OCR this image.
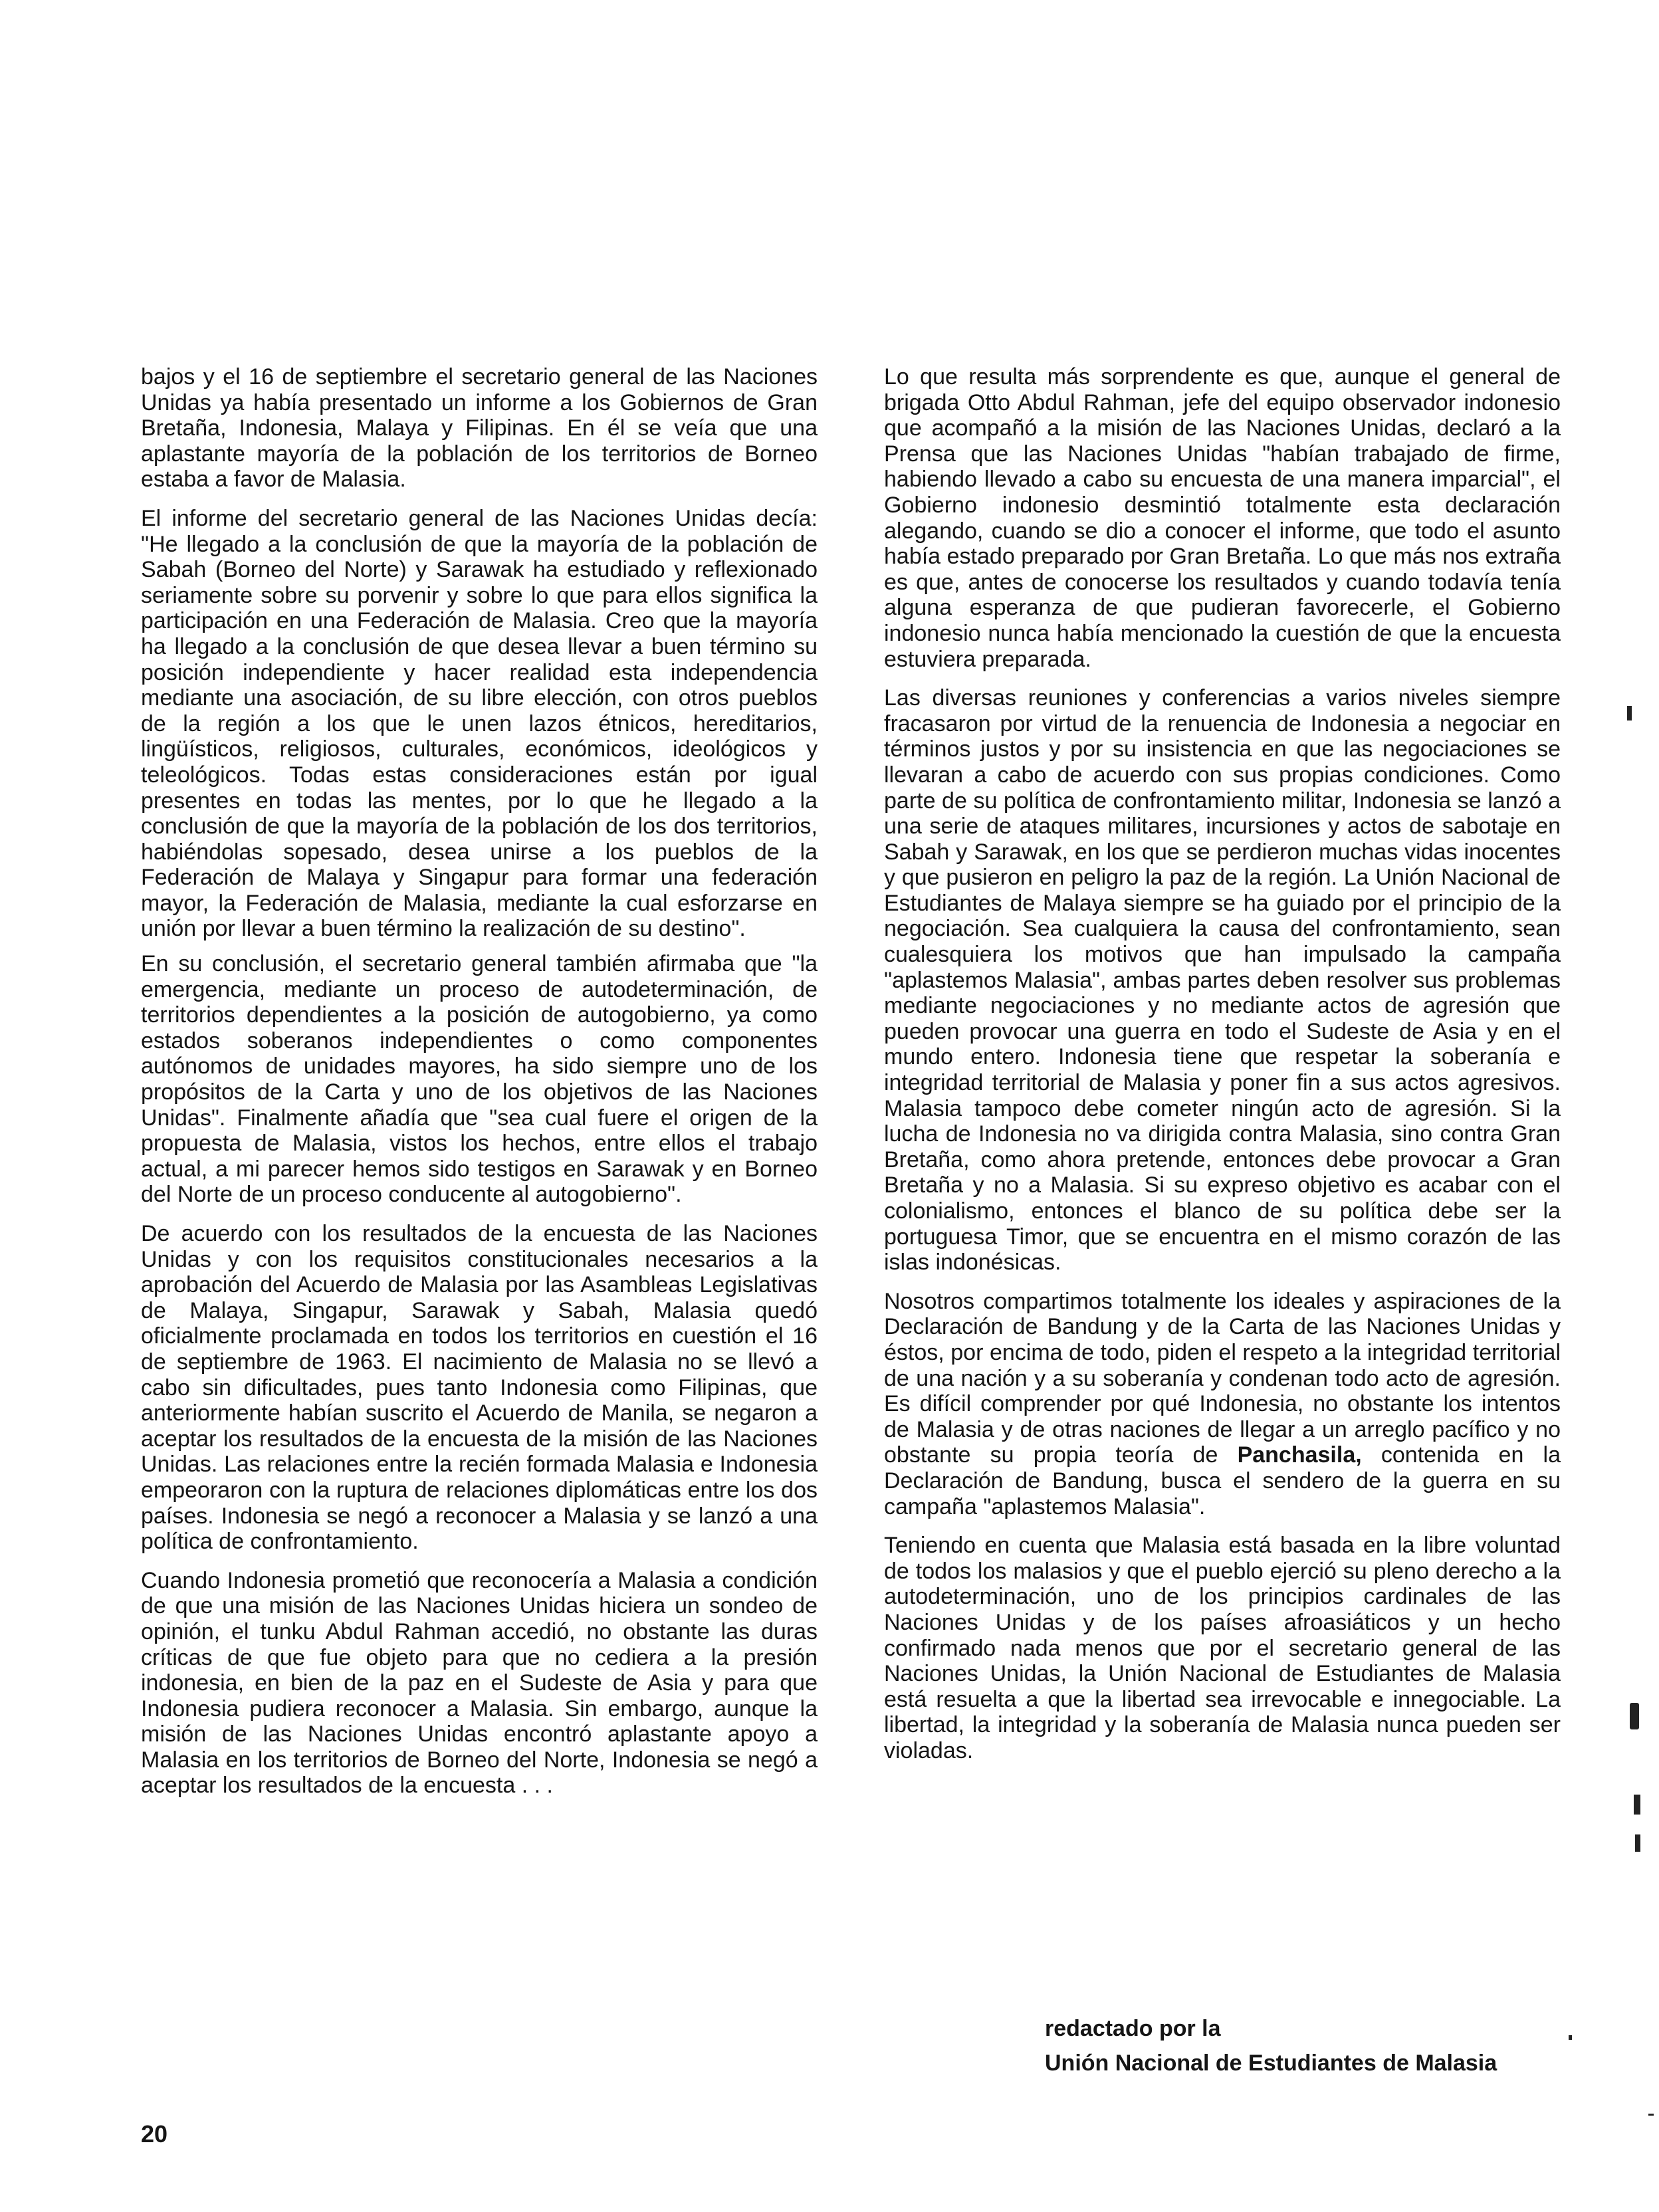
bajos y el 16 de septiembre el secretario general de las Naciones Unidas ya había presentado un informe a los Gobiernos de Gran Bretaña, Indonesia, Malaya y Filipinas. En él se veía que una aplastante mayoría de la población de los territorios de Borneo estaba a favor de Malasia.

El informe del secretario general de las Naciones Unidas decía: "He llegado a la conclusión de que la mayoría de la población de Sabah (Borneo del Norte) y Sarawak ha estudiado y reflexionado seriamente sobre su porvenir y sobre lo que para ellos significa la participación en una Federación de Malasia. Creo que la mayoría ha llegado a la conclusión de que desea llevar a buen término su posición independiente y hacer realidad esta independencia mediante una asociación, de su libre elección, con otros pueblos de la región a los que le unen lazos étnicos, hereditarios, lingüísticos, religiosos, culturales, económicos, ideológicos y teleológicos. Todas estas consideraciones están por igual presentes en todas las mentes, por lo que he llegado a la conclusión de que la mayoría de la población de los dos territorios, habiéndolas sopesado, desea unirse a los pueblos de la Federación de Malaya y Singapur para formar una federación mayor, la Federación de Malasia, mediante la cual esforzarse en unión por llevar a buen término la realización de su destino".

En su conclusión, el secretario general también afirmaba que "la emergencia, mediante un proceso de autodeterminación, de territorios dependientes a la posición de autogobierno, ya como estados soberanos independientes o como componentes autónomos de unidades mayores, ha sido siempre uno de los propósitos de la Carta y uno de los objetivos de las Naciones Unidas". Finalmente añadía que "sea cual fuere el origen de la propuesta de Malasia, vistos los hechos, entre ellos el trabajo actual, a mi parecer hemos sido testigos en Sarawak y en Borneo del Norte de un proceso conducente al autogobierno".

De acuerdo con los resultados de la encuesta de las Naciones Unidas y con los requisitos constitucionales necesarios a la aprobación del Acuerdo de Malasia por las Asambleas Legislativas de Malaya, Singapur, Sarawak y Sabah, Malasia quedó oficialmente proclamada en todos los territorios en cuestión el 16 de septiembre de 1963. El nacimiento de Malasia no se llevó a cabo sin dificultades, pues tanto Indonesia como Filipinas, que anteriormente habían suscrito el Acuerdo de Manila, se negaron a aceptar los resultados de la encuesta de la misión de las Naciones Unidas. Las relaciones entre la recién formada Malasia e Indonesia empeoraron con la ruptura de relaciones diplomáticas entre los dos países. Indonesia se negó a reconocer a Malasia y se lanzó a una política de confrontamiento.

Cuando Indonesia prometió que reconocería a Malasia a condición de que una misión de las Naciones Unidas hiciera un sondeo de opinión, el tunku Abdul Rahman accedió, no obstante las duras críticas de que fue objeto para que no cediera a la presión indonesia, en bien de la paz en el Sudeste de Asia y para que Indonesia pudiera reconocer a Malasia. Sin embargo, aunque la misión de las Naciones Unidas encontró aplastante apoyo a Malasia en los territorios de Borneo del Norte, Indonesia se negó a aceptar los resultados de la encuesta . . .

Lo que resulta más sorprendente es que, aunque el general de brigada Otto Abdul Rahman, jefe del equipo observador indonesio que acompañó a la misión de las Naciones Unidas, declaró a la Prensa que las Naciones Unidas "habían trabajado de firme, habiendo llevado a cabo su encuesta de una manera imparcial", el Gobierno indonesio desmintió totalmente esta declaración alegando, cuando se dio a conocer el informe, que todo el asunto había estado preparado por Gran Bretaña. Lo que más nos extraña es que, antes de conocerse los resultados y cuando todavía tenía alguna esperanza de que pudieran favorecerle, el Gobierno indonesio nunca había mencionado la cuestión de que la encuesta estuviera preparada.

Las diversas reuniones y conferencias a varios niveles siempre fracasaron por virtud de la renuencia de Indonesia a negociar en términos justos y por su insistencia en que las negociaciones se llevaran a cabo de acuerdo con sus propias condiciones. Como parte de su política de confrontamiento militar, Indonesia se lanzó a una serie de ataques militares, incursiones y actos de sabotaje en Sabah y Sarawak, en los que se perdieron muchas vidas inocentes y que pusieron en peligro la paz de la región. La Unión Nacional de Estudiantes de Malaya siempre se ha guiado por el principio de la negociación. Sea cualquiera la causa del confrontamiento, sean cualesquiera los motivos que han impulsado la campaña "aplastemos Malasia", ambas partes deben resolver sus problemas mediante negociaciones y no mediante actos de agresión que pueden provocar una guerra en todo el Sudeste de Asia y en el mundo entero. Indonesia tiene que respetar la soberanía e integridad territorial de Malasia y poner fin a sus actos agresivos. Malasia tampoco debe cometer ningún acto de agresión. Si la lucha de Indonesia no va dirigida contra Malasia, sino contra Gran Bretaña, como ahora pretende, entonces debe provocar a Gran Bretaña y no a Malasia. Si su expreso objetivo es acabar con el colonialismo, entonces el blanco de su política debe ser la portuguesa Timor, que se encuentra en el mismo corazón de las islas indonésicas.

Nosotros compartimos totalmente los ideales y aspiraciones de la Declaración de Bandung y de la Carta de las Naciones Unidas y éstos, por encima de todo, piden el respeto a la integridad territorial de una nación y a su soberanía y condenan todo acto de agresión. Es difícil comprender por qué Indonesia, no obstante los intentos de Malasia y de otras naciones de llegar a un arreglo pacífico y no obstante su propia teoría de Panchasila, contenida en la Declaración de Bandung, busca el sendero de la guerra en su campaña "aplastemos Malasia".

Teniendo en cuenta que Malasia está basada en la libre voluntad de todos los malasios y que el pueblo ejerció su pleno derecho a la autodeterminación, uno de los principios cardinales de las Naciones Unidas y de los países afroasiáticos y un hecho confirmado nada menos que por el secretario general de las Naciones Unidas, la Unión Nacional de Estudiantes de Malasia está resuelta a que la libertad sea irrevocable e innegociable. La libertad, la integridad y la soberanía de Malasia nunca pueden ser violadas.

redactado por la
Unión Nacional de Estudiantes de Malasia
20
